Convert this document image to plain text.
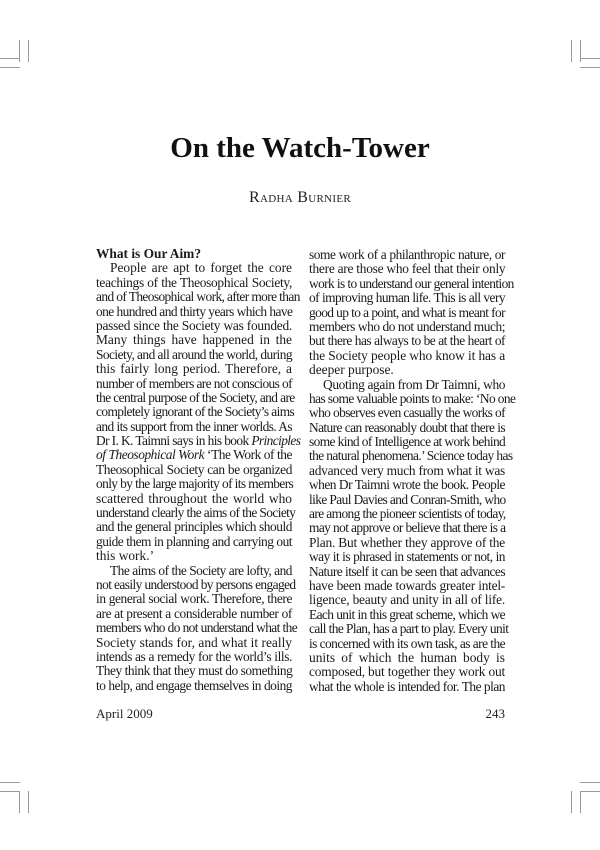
On the Watch-Tower
Radha Burnier
What is Our Aim?
People are apt to forget the core
teachings of the Theosophical Society,
and of Theosophical work, after more than
one hundred and thirty years which have
passed since the Society was founded.
Many things have happened in the
Society, and all around the world, during
this fairly long period. Therefore, a
number of members are not conscious of
the central purpose of the Society, and are
completely ignorant of the Society’s aims
and its support from the inner worlds. As
Dr I. K. Taimni says in his book Principles
of Theosophical Work ‘The Work of the
Theosophical Society can be organized
only by the large majority of its members
scattered throughout the world who
understand clearly the aims of the Society
and the general principles which should
guide them in planning and carrying out
this work.’
The aims of the Society are lofty, and
not easily understood by persons engaged
in general social work. Therefore, there
are at present a considerable number of
members who do not understand what the
Society stands for, and what it really
intends as a remedy for the world’s ills.
They think that they must do something
to help, and engage themselves in doing
some work of a philanthropic nature, or
there are those who feel that their only
work is to understand our general intention
of improving human life. This is all very
good up to a point, and what is meant for
members who do not understand much;
but there has always to be at the heart of
the Society people who know it has a
deeper purpose.
Quoting again from Dr Taimni, who
has some valuable points to make: ‘No one
who observes even casually the works of
Nature can reasonably doubt that there is
some kind of Intelligence at work behind
the natural phenomena.’ Science today has
advanced very much from what it was
when Dr Taimni wrote the book. People
like Paul Davies and Conran-Smith, who
are among the pioneer scientists of today,
may not approve or believe that there is a
Plan. But whether they approve of the
way it is phrased in statements or not, in
Nature itself it can be seen that advances
have been made towards greater intel-
ligence, beauty and unity in all of life.
Each unit in this great scheme, which we
call the Plan, has a part to play. Every unit
is concerned with its own task, as are the
units of which the human body is
composed, but together they work out
what the whole is intended for. The plan
April 2009	243
